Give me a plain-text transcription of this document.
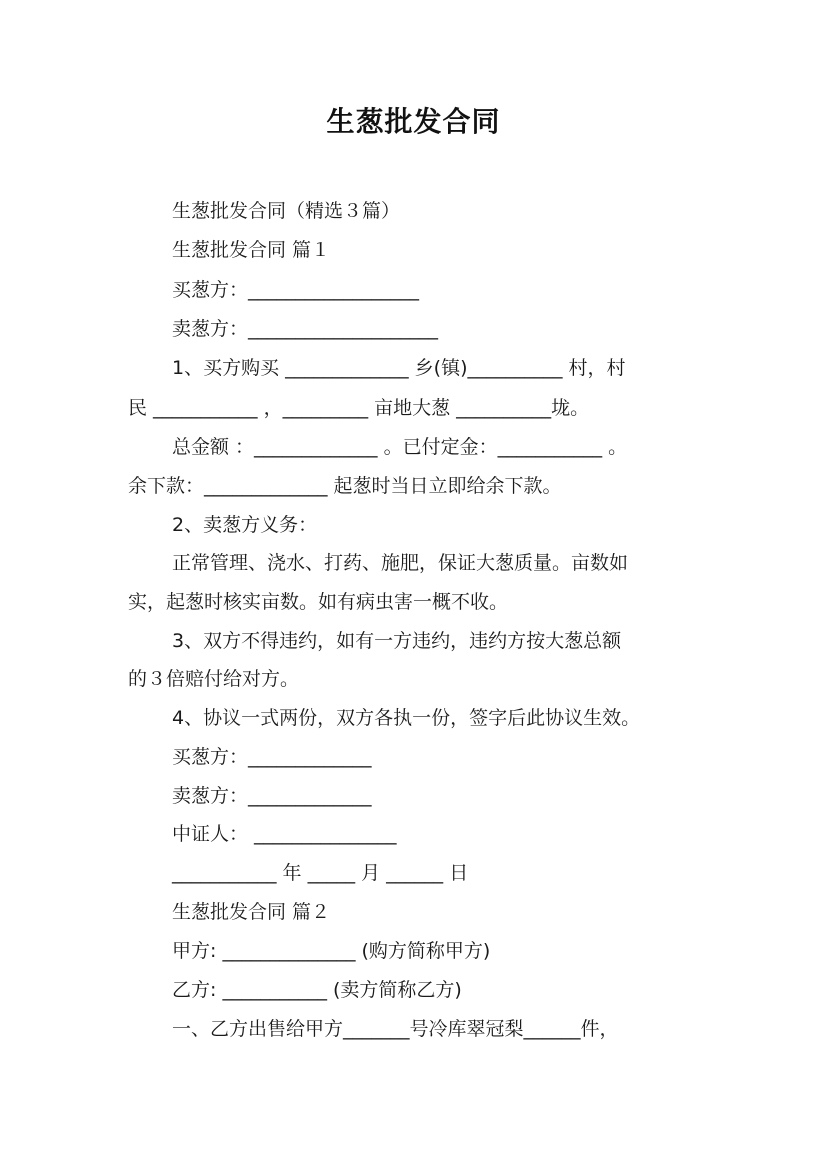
生葱批发合同
生葱批发合同（精选３篇）
生葱批发合同 篇１
买葱方：__________________
卖葱方：____________________
1、买方购买 _____________ 乡(镇)__________ 村，村
民 ___________ ，_________ 亩地大葱 __________垅。
总金额 ：_____________ 。已付定金：___________ 。
余下款：_____________ 起葱时当日立即给余下款。
2、卖葱方义务：
正常管理、浇水、打药、施肥，保证大葱质量。亩数如
实，起葱时核实亩数。如有病虫害一概不收。
3、双方不得违约，如有一方违约，违约方按大葱总额
的３倍赔付给对方。
4、协议一式两份，双方各执一份，签字后此协议生效。
买葱方：_____________
卖葱方：_____________
中证人： _______________
___________ 年 _____ 月 ______ 日
生葱批发合同 篇２
甲方: ______________ (购方简称甲方)
乙方: ___________ (卖方简称乙方)
一、乙方出售给甲方_______号冷库翠冠梨______件，
